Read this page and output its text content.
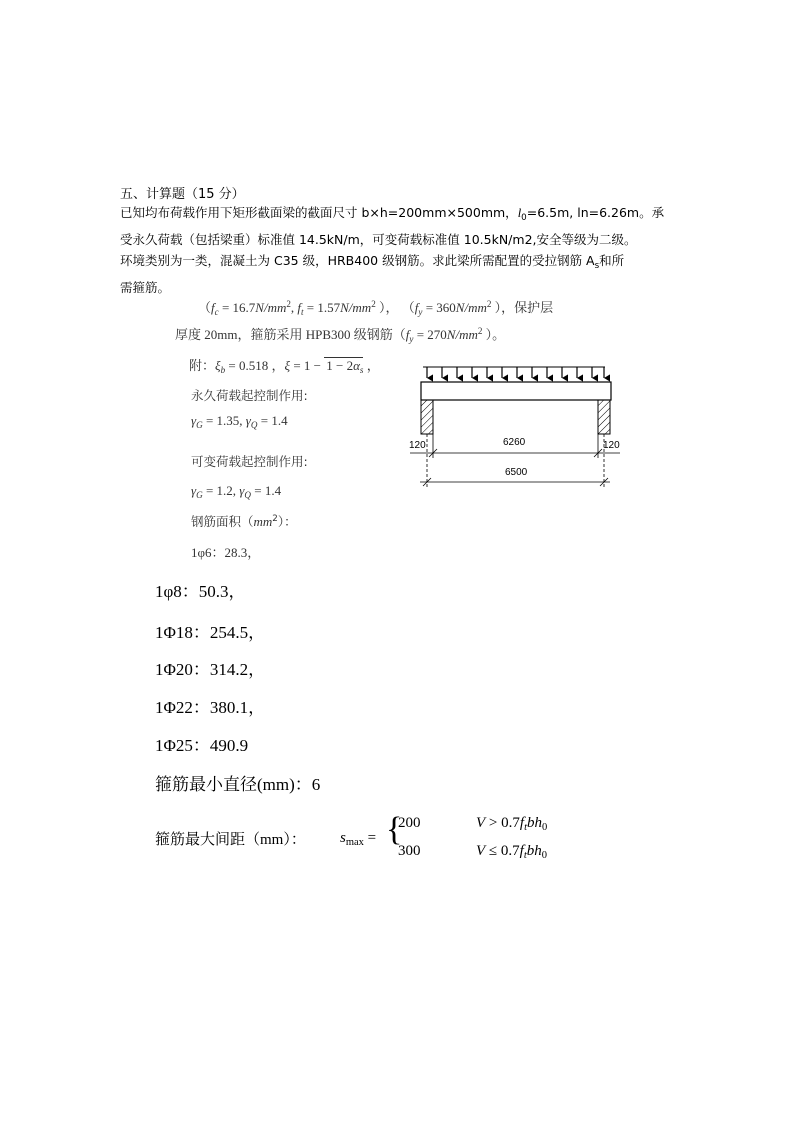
五、计算题（15 分）
已知均布荷载作用下矩形截面梁的截面尺寸 b×h=200mm×500mm，$l_0=6.5m$, ln=6.26m。承
受永久荷载（包括梁重）标准值 14.5kN/m，可变荷载标准值 10.5kN/m2,安全等级为二级。
环境类别为一类，混凝土为 C35 级，HRB400 级钢筋。求此梁所需配置的受拉钢筋 $A_s$和所
需箍筋。
（$f_c = 16.7N/mm^2$, $f_t = 1.57N/mm^2$ ）， （$f_y = 360N/mm^2$ ），保护层
厚度 20mm，箍筋采用 HPB300 级钢筋（$f_y = 270N/mm^2$ ）。
附：$\xi_b = 0.518$ ，$\xi = 1 - 1 - 2\alpha_s$ ，
永久荷载起控制作用:
$\gamma_G = 1.35$, $\gamma_Q = 1.4$
可变荷载起控制作用:
$\gamma_G = 1.2$, $\gamma_Q = 1.4$
钢筋面积$(mm^2)$：
1φ6：28.3，
1φ8：50.3，
1Φ18：254.5，
1Φ20：314.2，
1Φ22：380.1，
1Φ25：490.9
箍筋最小直径(mm)：6
箍筋最大间距（mm）： $s_{max}$ = {
200	$V > 0.7f_tbh_0$
300	$V \le 0.7f_tbh_0$
120	120
6260
6500
